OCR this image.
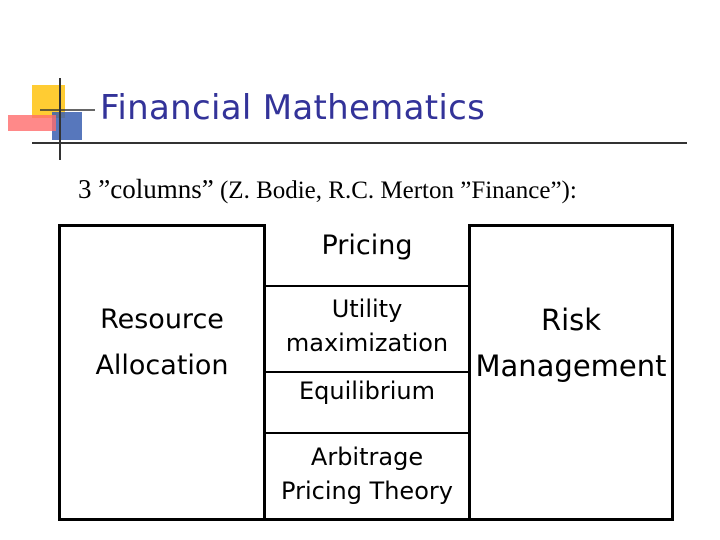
Financial Mathematics
3 ”columns” (Z. Bodie, R.C. Merton ”Finance”):
Resource
Allocation
Risk
Management
Pricing
Utility
maximization
Equilibrium
Arbitrage
Pricing Theory
